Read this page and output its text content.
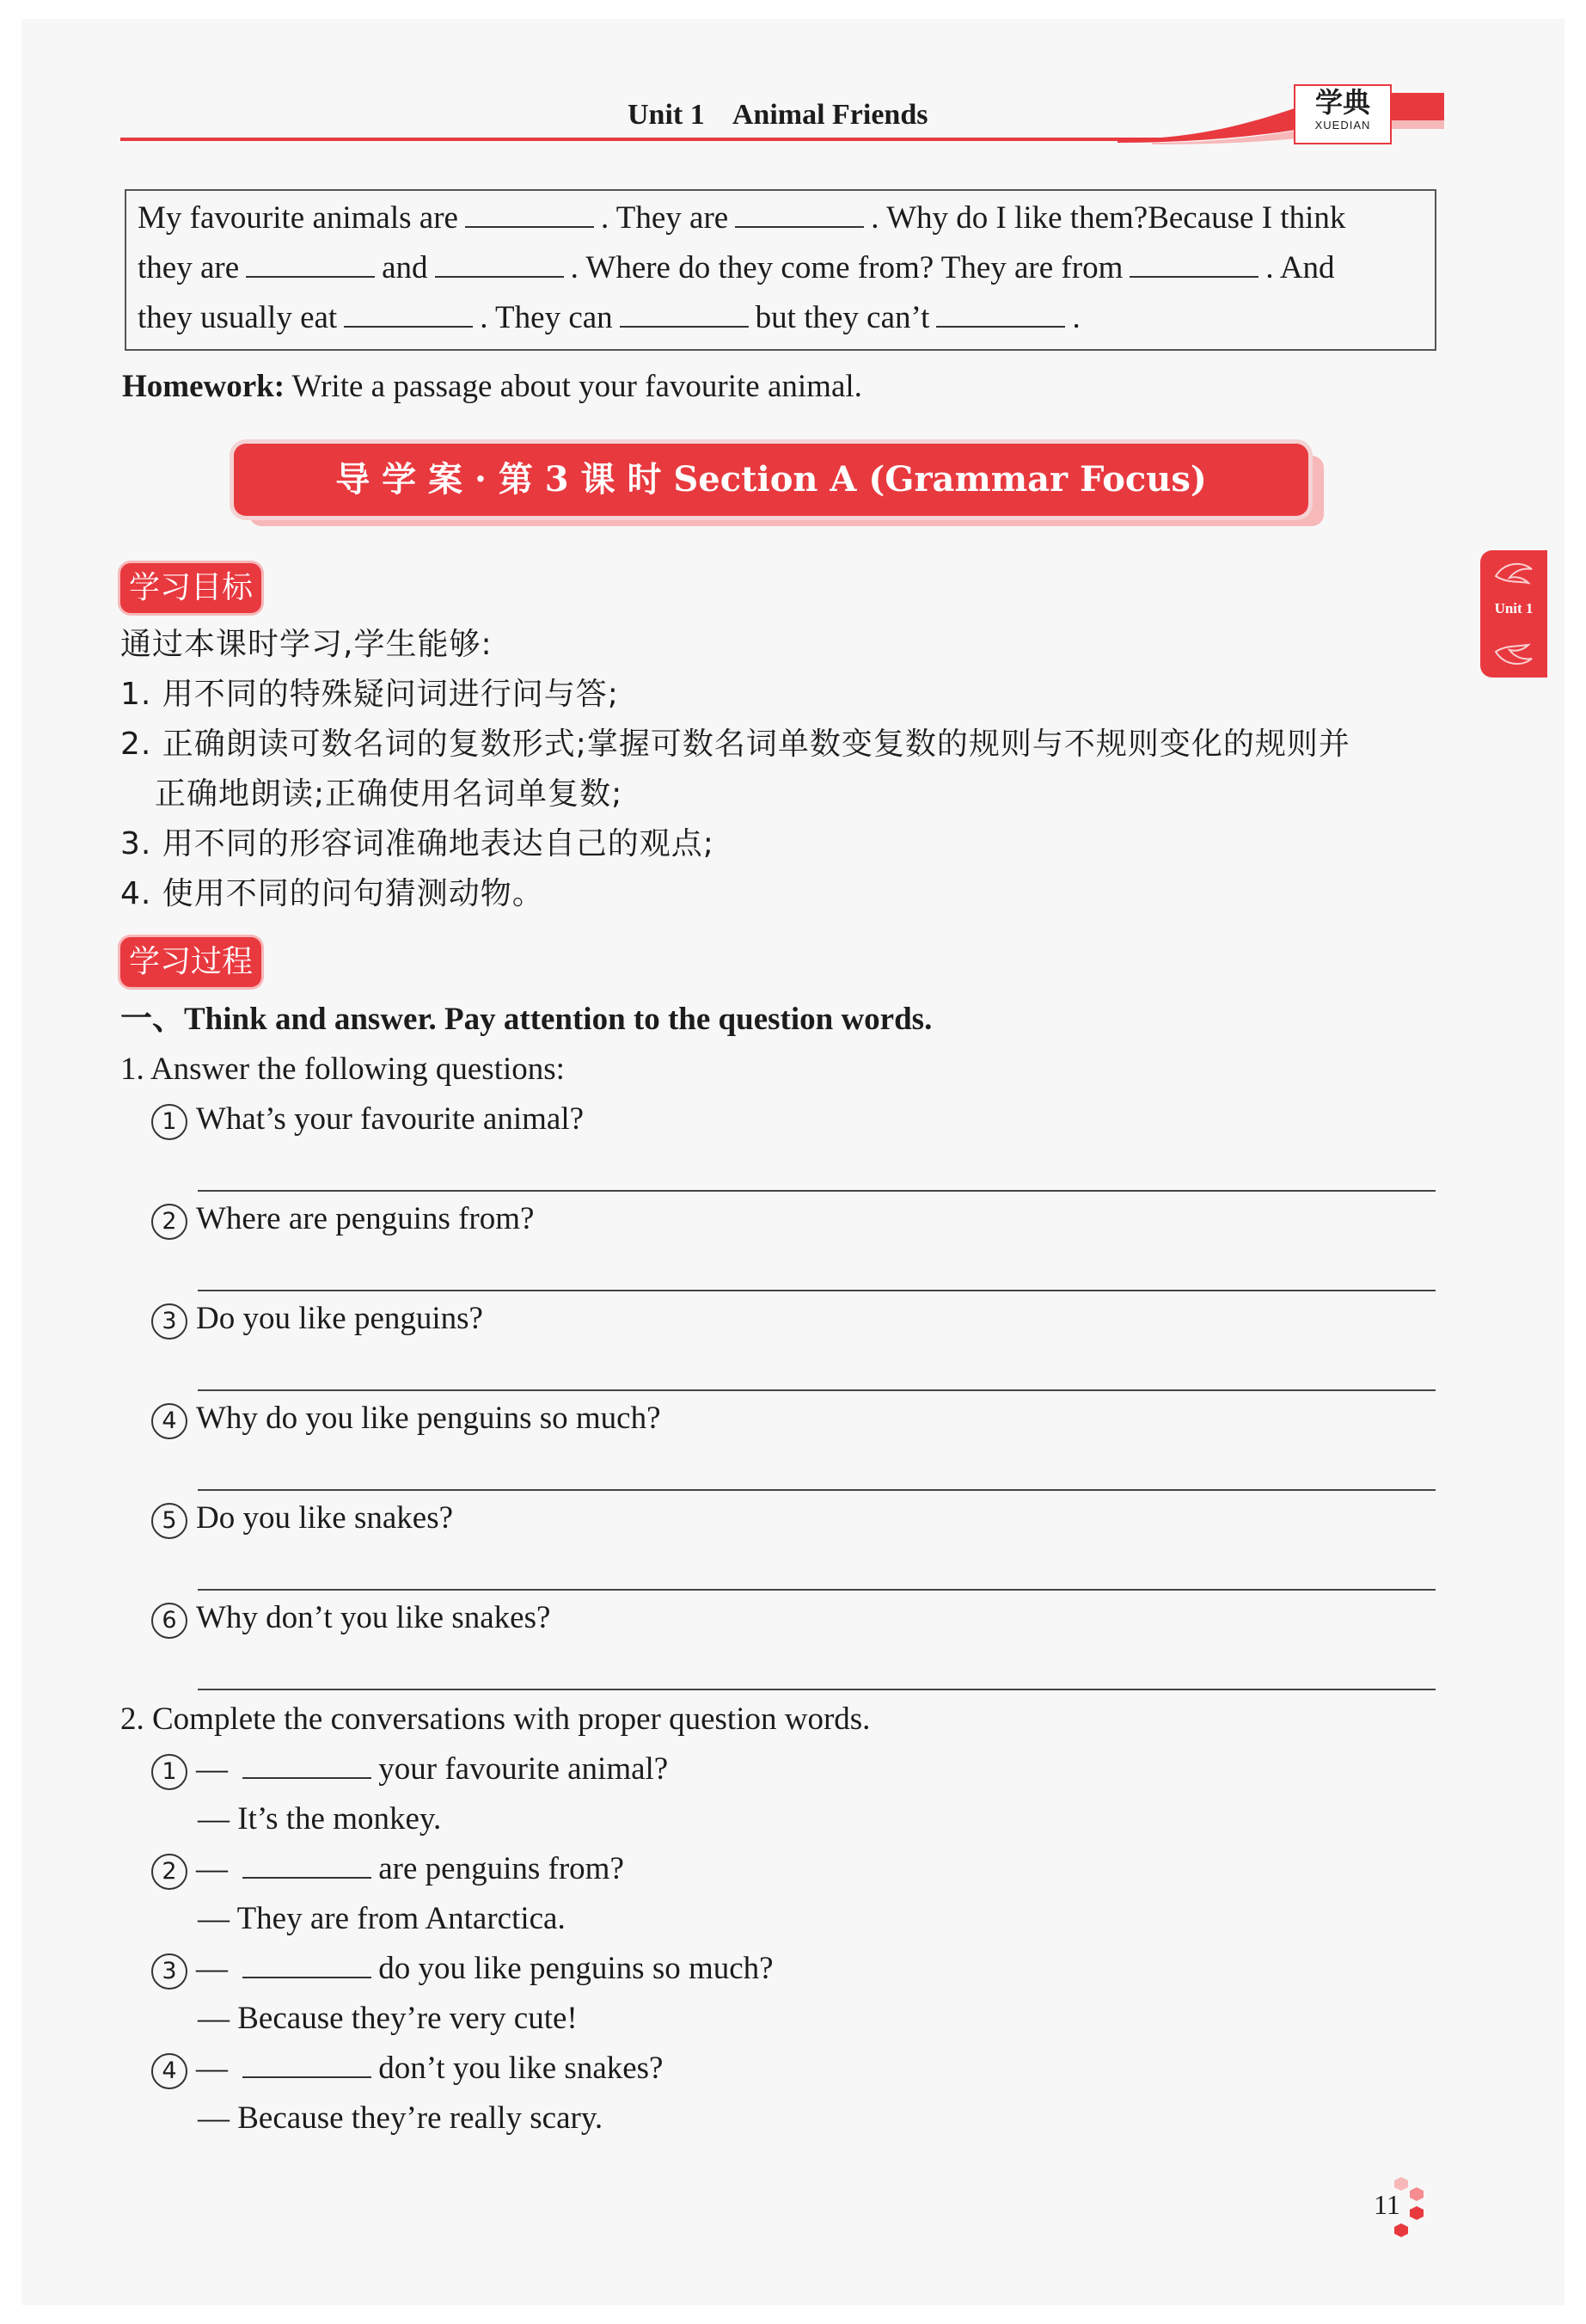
Unit 1    Animal Friends	学典
XUEDIAN
My favourite animals are	. They are	. Why do I like them?Because I think
they are	and	. Where do they come from? They are from	. And
they usually eat	. They can	but they can’t	.
Homework: Write a passage about your favourite animal.
导 学 案 · 第 3 课 时 Section A (Grammar Focus)
Unit 1
学习目标
通过本课时学习,学生能够:
1. 用不同的特殊疑问词进行问与答;
2. 正确朗读可数名词的复数形式;掌握可数名词单数变复数的规则与不规则变化的规则并
正确地朗读;正确使用名词单复数;
3. 用不同的形容词准确地表达自己的观点;
4. 使用不同的问句猜测动物。
学习过程
一、Think and answer. Pay attention to the question words.
1. Answer the following questions:
1 What’s your favourite animal?
2 Where are penguins from?
3 Do you like penguins?
4 Why do you like penguins so much?
5 Do you like snakes?
6 Why don’t you like snakes?
2. Complete the conversations with proper question words.
1 —	your favourite animal?
— It’s the monkey.
2 —	are penguins from?
— They are from Antarctica.
3 —	do you like penguins so much?
— Because they’re very cute!
4 —	don’t you like snakes?
— Because they’re really scary.
11
